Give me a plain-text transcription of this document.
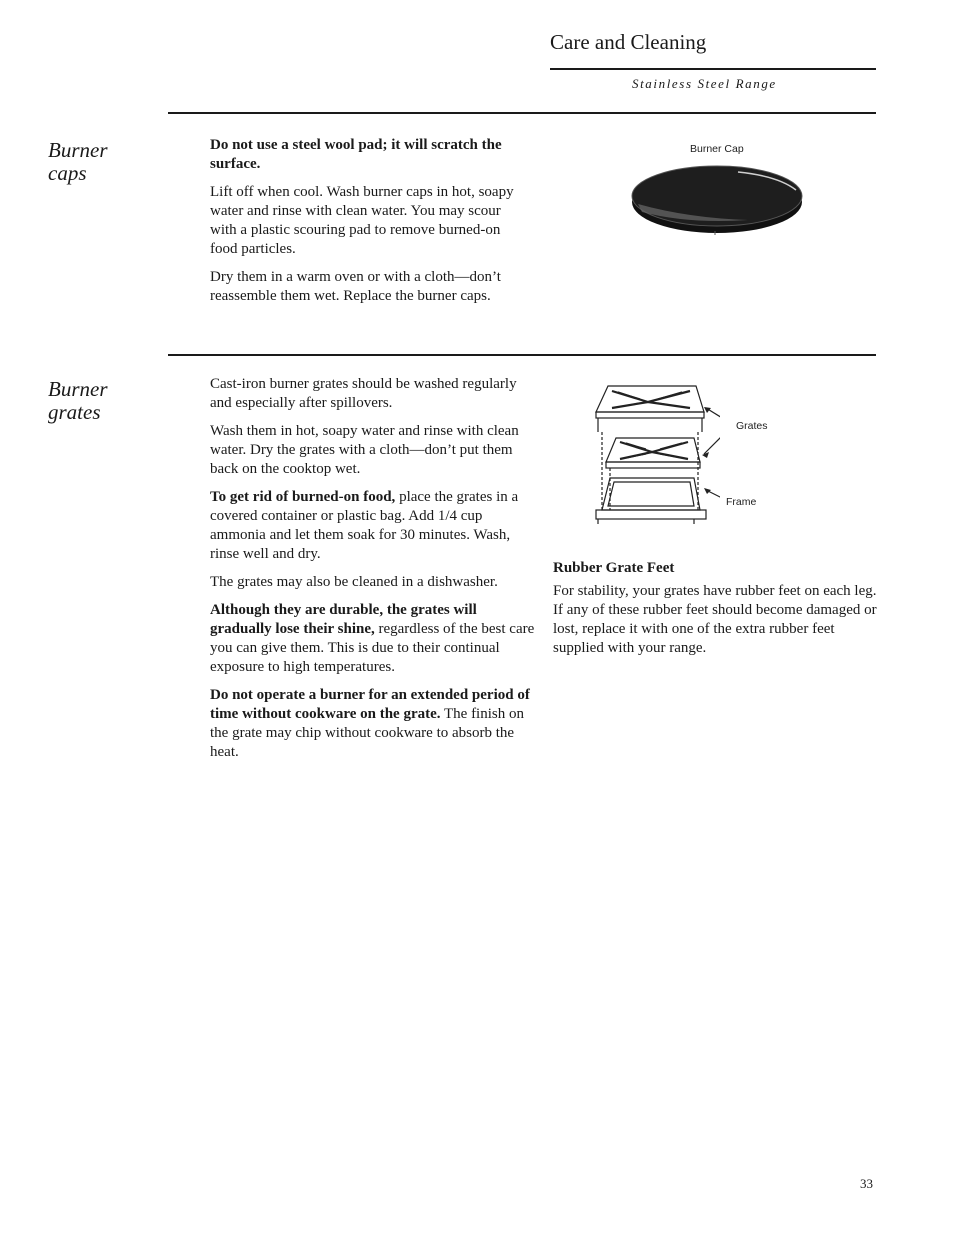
Care and Cleaning
Stainless Steel Range
Burner
caps

Do not use a steel wool pad; it will scratch the surface.

Lift off when cool. Wash burner caps in hot, soapy water and rinse with clean water. You may scour with a plastic scouring pad to remove burned-on food particles.

Dry them in a warm oven or with a cloth—don’t reassemble them wet. Replace the burner caps.

Burner Cap
Burner
grates

Cast-iron burner grates should be washed regularly and especially after spillovers.

Wash them in hot, soapy water and rinse with clean water. Dry the grates with a cloth—don’t put them back on the cooktop wet.

To get rid of burned-on food, place the grates in a covered container or plastic bag. Add 1/4 cup ammonia and let them soak for 30 minutes. Wash, rinse well and dry.

The grates may also be cleaned in a dishwasher.

Although they are durable, the grates will gradually lose their shine, regardless of the best care you can give them. This is due to their continual exposure to high temperatures.

Do not operate a burner for an extended period of time without cookware on the grate. The finish on the grate may chip without cookware to absorb the heat.

Grates
Frame

Rubber Grate Feet

For stability, your grates have rubber feet on each leg. If any of these rubber feet should become damaged or lost, replace it with one of the extra rubber feet supplied with your range.

33
